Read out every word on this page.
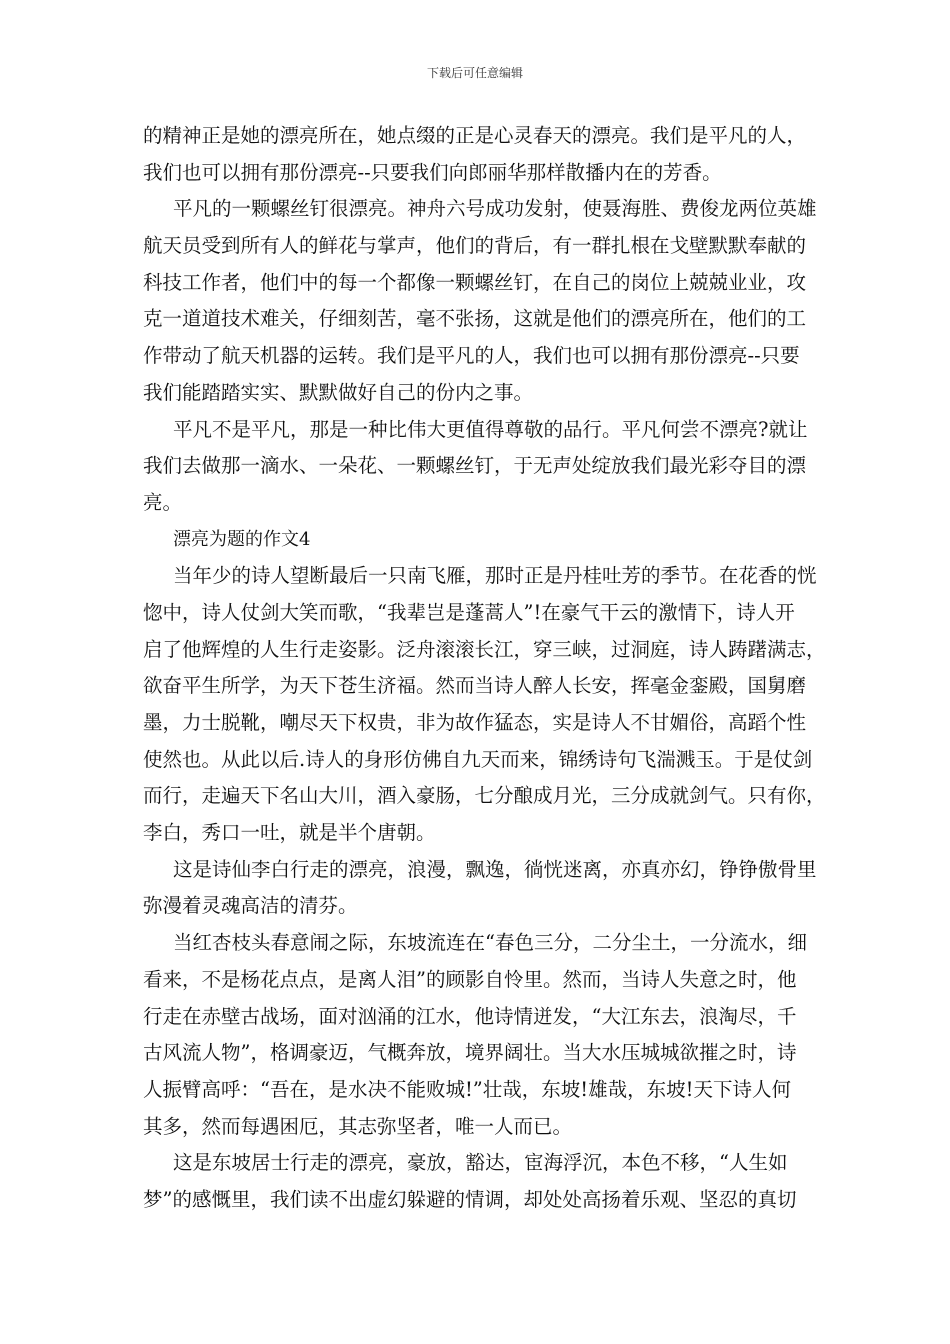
下载后可任意编辑
的精神正是她的漂亮所在，她点缀的正是心灵春天的漂亮。我们是平凡的人，
我们也可以拥有那份漂亮--只要我们向郎丽华那样散播内在的芳香。
平凡的一颗螺丝钉很漂亮。神舟六号成功发射，使聂海胜、费俊龙两位英雄
航天员受到所有人的鲜花与掌声，他们的背后，有一群扎根在戈壁默默奉献的
科技工作者，他们中的每一个都像一颗螺丝钉，在自己的岗位上兢兢业业，攻
克一道道技术难关，仔细刻苦，毫不张扬，这就是他们的漂亮所在，他们的工
作带动了航天机器的运转。我们是平凡的人，我们也可以拥有那份漂亮--只要
我们能踏踏实实、默默做好自己的份内之事。
平凡不是平凡，那是一种比伟大更值得尊敬的品行。平凡何尝不漂亮?就让
我们去做那一滴水、一朵花、一颗螺丝钉，于无声处绽放我们最光彩夺目的漂
亮。
漂亮为题的作文4
当年少的诗人望断最后一只南飞雁，那时正是丹桂吐芳的季节。在花香的恍
惚中，诗人仗剑大笑而歌，“我辈岂是蓬蒿人”!在豪气干云的激情下，诗人开
启了他辉煌的人生行走姿影。泛舟滚滚长江，穿三峡，过洞庭，诗人踌躇满志，
欲奋平生所学，为天下苍生济福。然而当诗人醉人长安，挥毫金銮殿，国舅磨
墨，力士脱靴，嘲尽天下权贵，非为故作猛态，实是诗人不甘媚俗，高蹈个性
使然也。从此以后.诗人的身形仿佛自九天而来，锦绣诗句飞湍溅玉。于是仗剑
而行，走遍天下名山大川，酒入豪肠，七分酿成月光，三分成就剑气。只有你，
李白，秀口一吐，就是半个唐朝。
这是诗仙李白行走的漂亮，浪漫，飘逸，徜恍迷离，亦真亦幻，铮铮傲骨里
弥漫着灵魂高洁的清芬。
当红杏枝头春意闹之际，东坡流连在“春色三分，二分尘土，一分流水，细
看来，不是杨花点点，是离人泪”的顾影自怜里。然而，当诗人失意之时，他
行走在赤壁古战场，面对汹涌的江水，他诗情迸发，“大江东去，浪淘尽，千
古风流人物”，格调豪迈，气概奔放，境界阔壮。当大水压城城欲摧之时，诗
人振臂高呼：“吾在，是水决不能败城!”壮哉，东坡!雄哉，东坡!天下诗人何
其多，然而每遇困厄，其志弥坚者，唯一人而已。
这是东坡居士行走的漂亮，豪放，豁达，宦海浮沉，本色不移，“人生如
梦”的感慨里，我们读不出虚幻躲避的情调，却处处高扬着乐观、坚忍的真切
